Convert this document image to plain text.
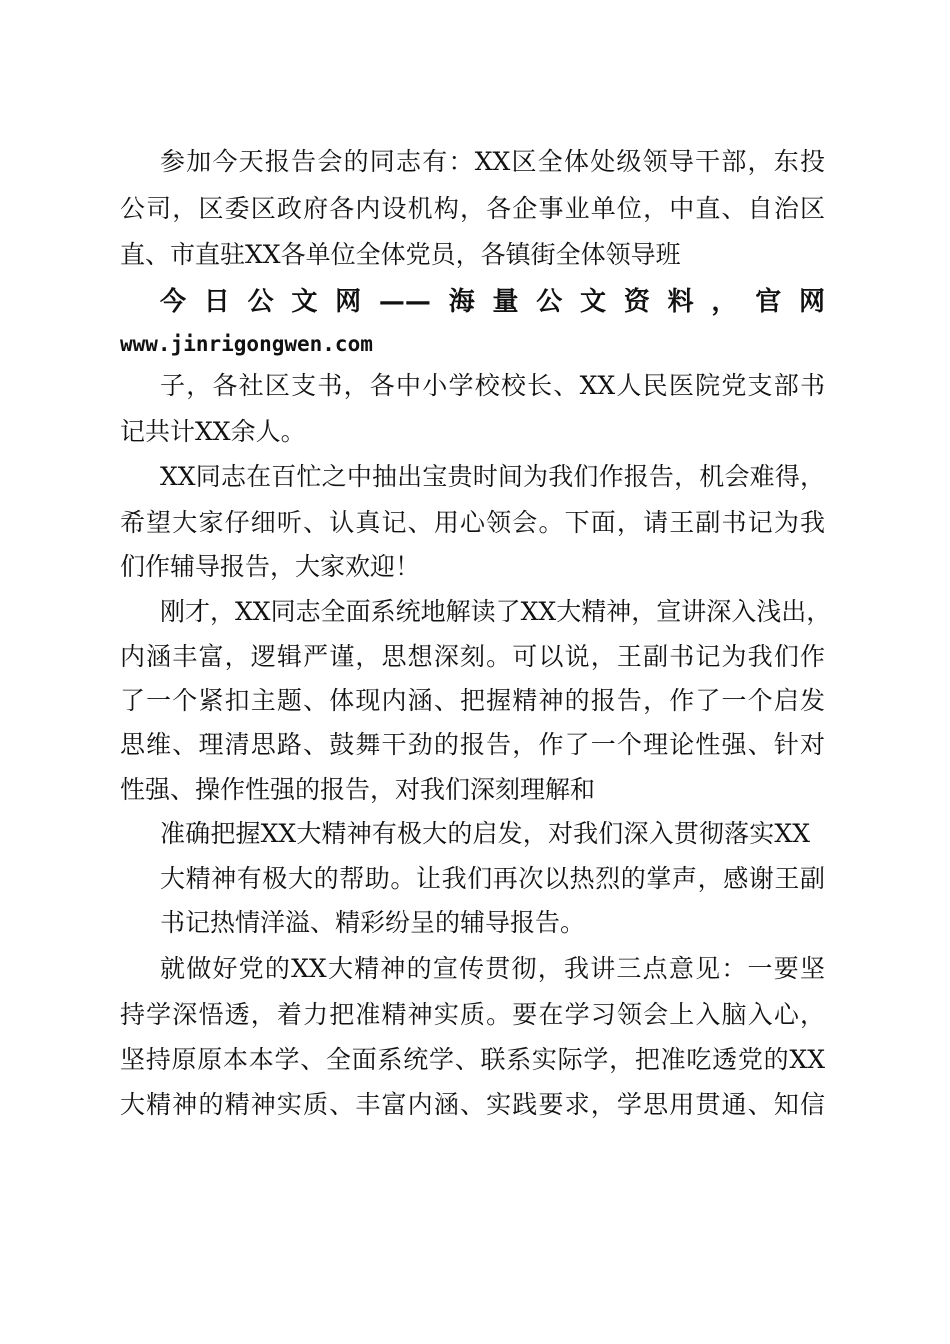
参加今天报告会的同志有：XX区全体处级领导干部，东投
公司，区委区政府各内设机构，各企事业单位，中直、自治区
直、市直驻XX各单位全体党员，各镇街全体领导班
今日公文网——海量公文资料，官网
www.jinrigongwen.com
子，各社区支书，各中小学校校长、XX人民医院党支部书
记共计XX余人。
XX同志在百忙之中抽出宝贵时间为我们作报告，机会难得，
希望大家仔细听、认真记、用心领会。下面，请王副书记为我
们作辅导报告，大家欢迎！
刚才，XX同志全面系统地解读了XX大精神，宣讲深入浅出，
内涵丰富，逻辑严谨，思想深刻。可以说，王副书记为我们作
了一个紧扣主题、体现内涵、把握精神的报告，作了一个启发
思维、理清思路、鼓舞干劲的报告，作了一个理论性强、针对
性强、操作性强的报告，对我们深刻理解和
准确把握XX大精神有极大的启发，对我们深入贯彻落实XX
大精神有极大的帮助。让我们再次以热烈的掌声，感谢王副
书记热情洋溢、精彩纷呈的辅导报告。
就做好党的XX大精神的宣传贯彻，我讲三点意见：一要坚
持学深悟透，着力把准精神实质。要在学习领会上入脑入心，
坚持原原本本学、全面系统学、联系实际学，把准吃透党的XX
大精神的精神实质、丰富内涵、实践要求，学思用贯通、知信
